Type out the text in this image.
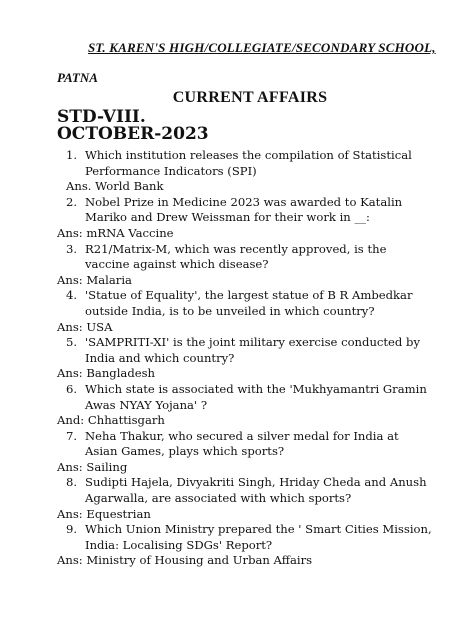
ST. KAREN'S HIGH/COLLEGIATE/SECONDARY SCHOOL,
PATNA
CURRENT AFFAIRS
STD-VIII.
OCTOBER-2023
1. Which institution releases the compilation of Statistical Performance Indicators (SPI)
Ans. World Bank
2. Nobel Prize in Medicine 2023 was awarded to Katalin Mariko and Drew Weissman for their work in __:
Ans: mRNA Vaccine
3. R21/Matrix-M, which was recently approved, is the vaccine against which disease?
Ans: Malaria
4. 'Statue of Equality', the largest statue of B R Ambedkar outside India, is to be unveiled in which country?
Ans: USA
5. 'SAMPRITI-XI' is the joint military exercise conducted by India and which country?
Ans: Bangladesh
6. Which state is associated with the 'Mukhyamantri Gramin Awas NYAY Yojana' ?
And: Chhattisgarh
7. Neha Thakur, who secured a silver medal for India at Asian Games, plays which sports?
Ans: Sailing
8. Sudipti Hajela, Divyakriti Singh, Hriday Cheda and Anush Agarwalla, are associated with which sports?
Ans: Equestrian
9. Which Union Ministry prepared the ' Smart Cities Mission, India: Localising SDGs' Report?
Ans: Ministry of Housing and Urban Affairs
